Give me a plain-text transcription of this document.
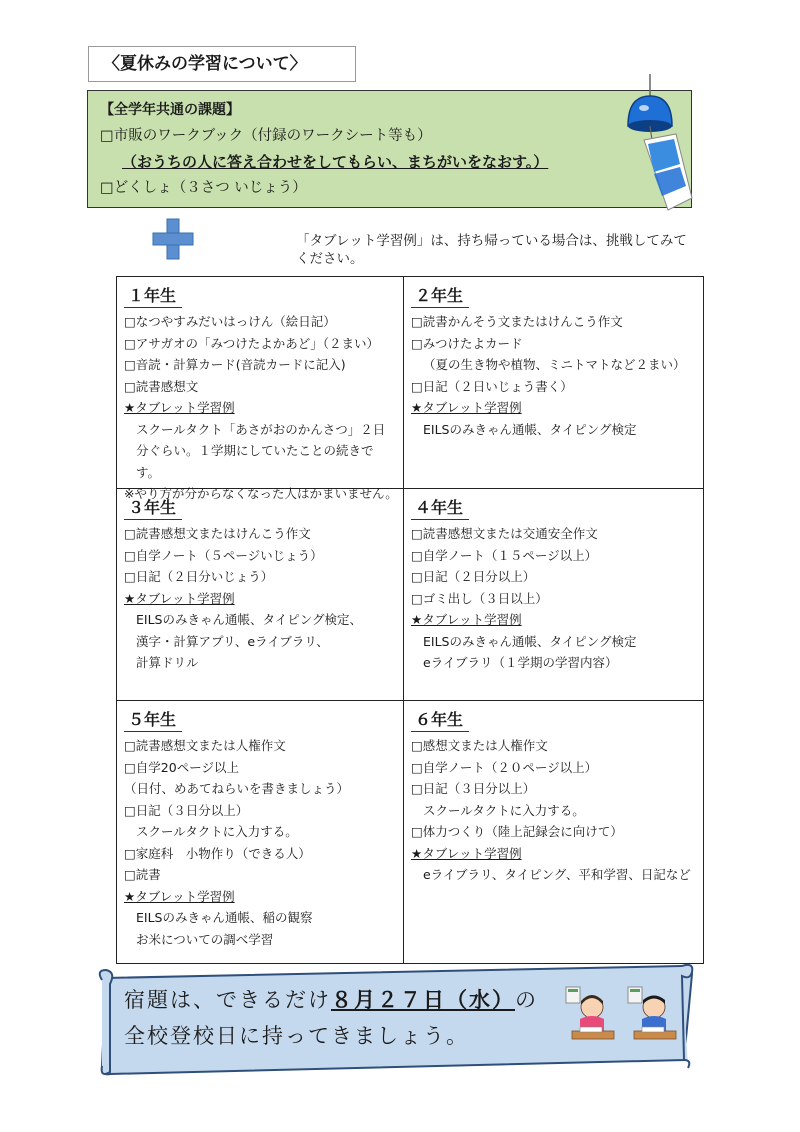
〈夏休みの学習について〉
【全学年共通の課題】
□市販のワークブック（付録のワークシート等も）
（おうちの人に答え合わせをしてもらい、まちがいをなおす。）
□どくしょ（３さつ いじょう）
「タブレット学習例」は、持ち帰っている場合は、挑戦してみてください。
１年生
□なつやすみだいはっけん（絵日記）
□アサガオの「みつけたよかあど」（２まい）
□音読・計算カード(音読カードに記入)
□読書感想文
★タブレット学習例
スクールタクト「あさがおのかんさつ」２日分ぐらい。１学期にしていたことの続きです。
※やり方が分からなくなった人はかまいません。
２年生
□読書かんそう文またはけんこう作文
□みつけたよカード
（夏の生き物や植物、ミニトマトなど２まい）
□日記（２日いじょう書く）
★タブレット学習例
EILSのみきゃん通帳、タイピング検定
３年生
□読書感想文またはけんこう作文
□自学ノート（５ページいじょう）
□日記（２日分いじょう）
★タブレット学習例
EILSのみきゃん通帳、タイピング検定、
漢字・計算アプリ、eライブラリ、
計算ドリル
４年生
□読書感想文または交通安全作文
□自学ノート（１５ページ以上）
□日記（２日分以上）
□ゴミ出し（３日以上）
★タブレット学習例
EILSのみきゃん通帳、タイピング検定
eライブラリ（１学期の学習内容）
５年生
□読書感想文または人権作文
□自学20ページ以上
（日付、めあてねらいを書きましょう）
□日記（３日分以上）
スクールタクトに入力する。
□家庭科　小物作り（できる人）
□読書
★タブレット学習例
EILSのみきゃん通帳、稲の観察
お米についての調べ学習
６年生
□感想文または人権作文
□自学ノート（２０ページ以上）
□日記（３日分以上）
スクールタクトに入力する。
□体力つくり（陸上記録会に向けて）
★タブレット学習例
eライブラリ、タイピング、平和学習、日記など
宿題は、できるだけ８月２７日（水）の
全校登校日に持ってきましょう。
